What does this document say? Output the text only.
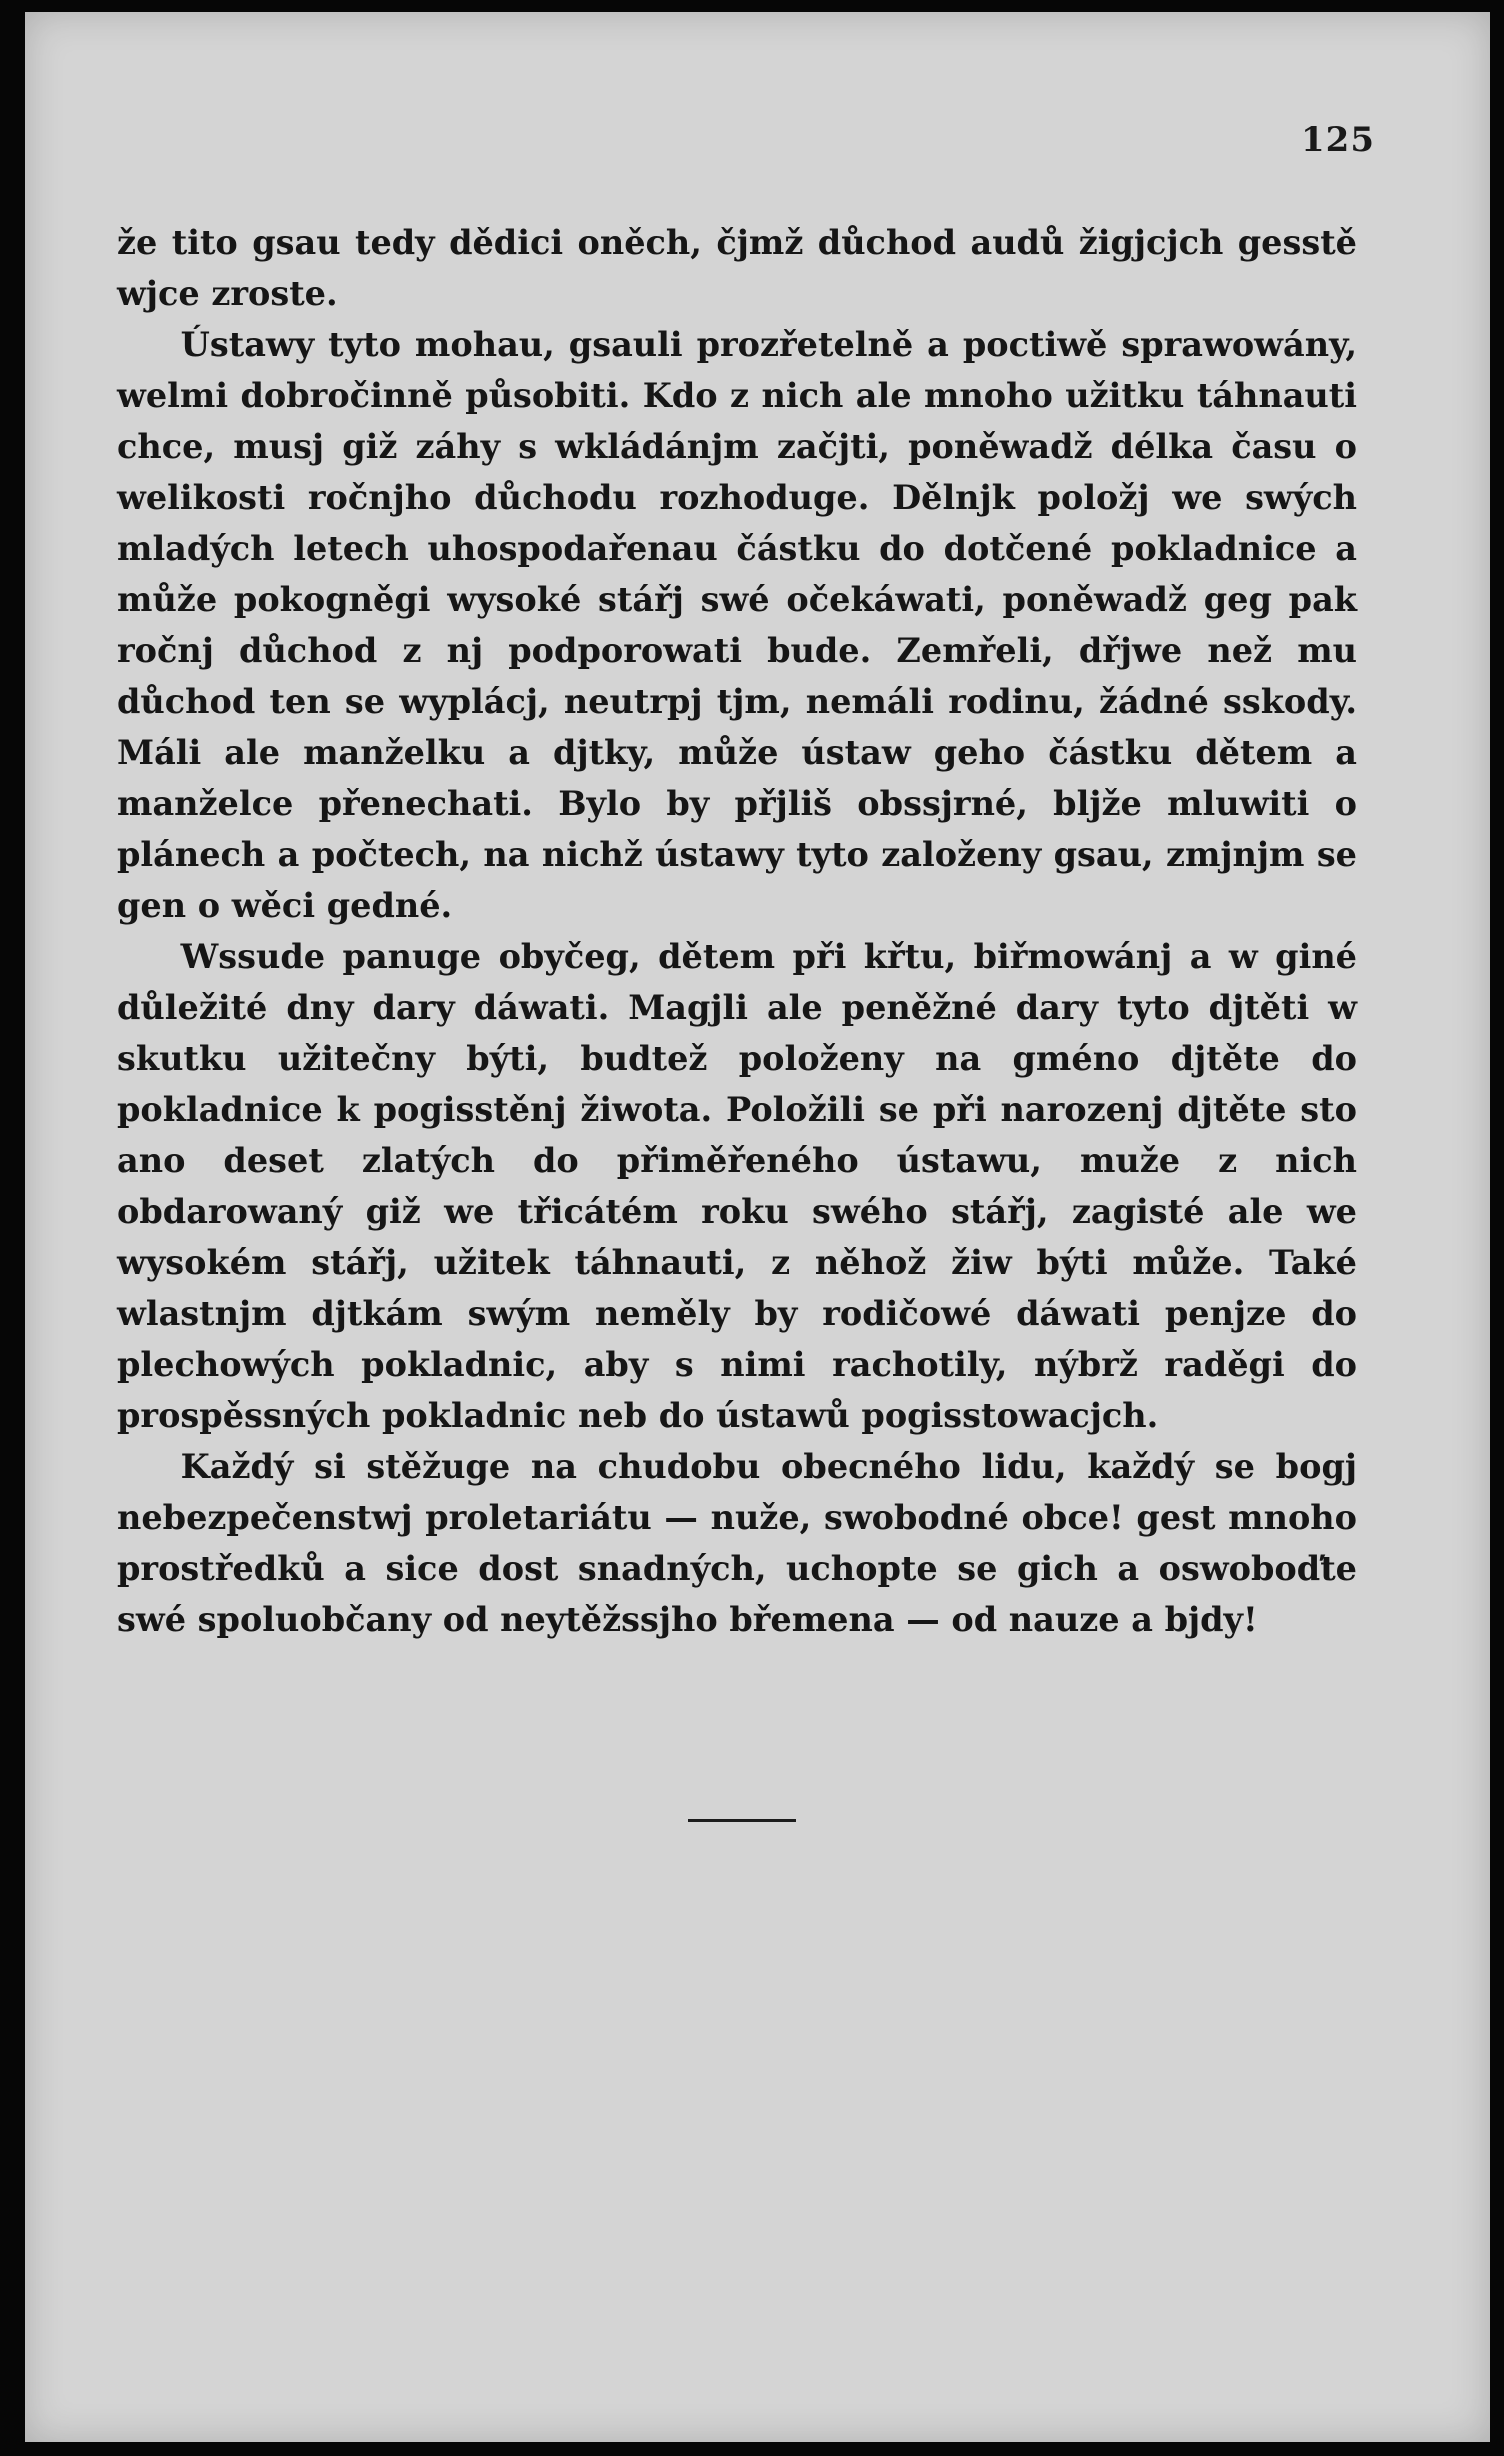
125

že tito gsau tedy dědici oněch, čjmž důchod audů žigjcjch gesstě wjce zroste.

Ústawy tyto mohau, gsauli prozřetelně a poctiwě sprawowány, welmi dobročinně působiti. Kdo z nich ale mnoho užitku táhnauti chce, musj giž záhy s wkládánjm začjti, poněwadž délka času o welikosti ročnjho důchodu rozhoduge. Dělnjk položj we swých mladých letech uhospodařenau částku do dotčené pokladnice a může pokogněgi wysoké stářj swé očekáwati, poněwadž geg pak ročnj důchod z nj podporowati bude. Zemřeli, dřjwe než mu důchod ten se wyplácj, neutrpj tjm, nemáli rodinu, žádné sskody. Máli ale manželku a djtky, může ústaw geho částku dětem a manželce přenechati. Bylo by přjliš obssjrné, bljže mluwiti o plánech a počtech, na nichž ústawy tyto založeny gsau, zmjnjm se gen o wěci gedné.

Wssude panuge obyčeg, dětem při křtu, biřmowánj a w giné důležité dny dary dáwati. Magjli ale peněžné dary tyto djtěti w skutku užitečny býti, budtež položeny na gméno djtěte do pokladnice k pogisstěnj žiwota. Položili se při narozenj djtěte sto ano deset zlatých do přiměřeného ústawu, muže z nich obdarowaný giž we třicátém roku swého stářj, zagisté ale we wysokém stářj, užitek táhnauti, z něhož žiw býti může. Také wlastnjm djtkám swým neměly by rodičowé dáwati penjze do plechowých pokladnic, aby s nimi rachotily, nýbrž raděgi do prospěssných pokladnic neb do ústawů pogisstowacjch.

Každý si stěžuge na chudobu obecného lidu, každý se bogj nebezpečenstwj proletariátu — nuže, swobodné obce! gest mnoho prostředků a sice dost snadných, uchopte se gich a oswoboďte swé spoluobčany od neytěžssjho břemena — od nauze a bjdy!
